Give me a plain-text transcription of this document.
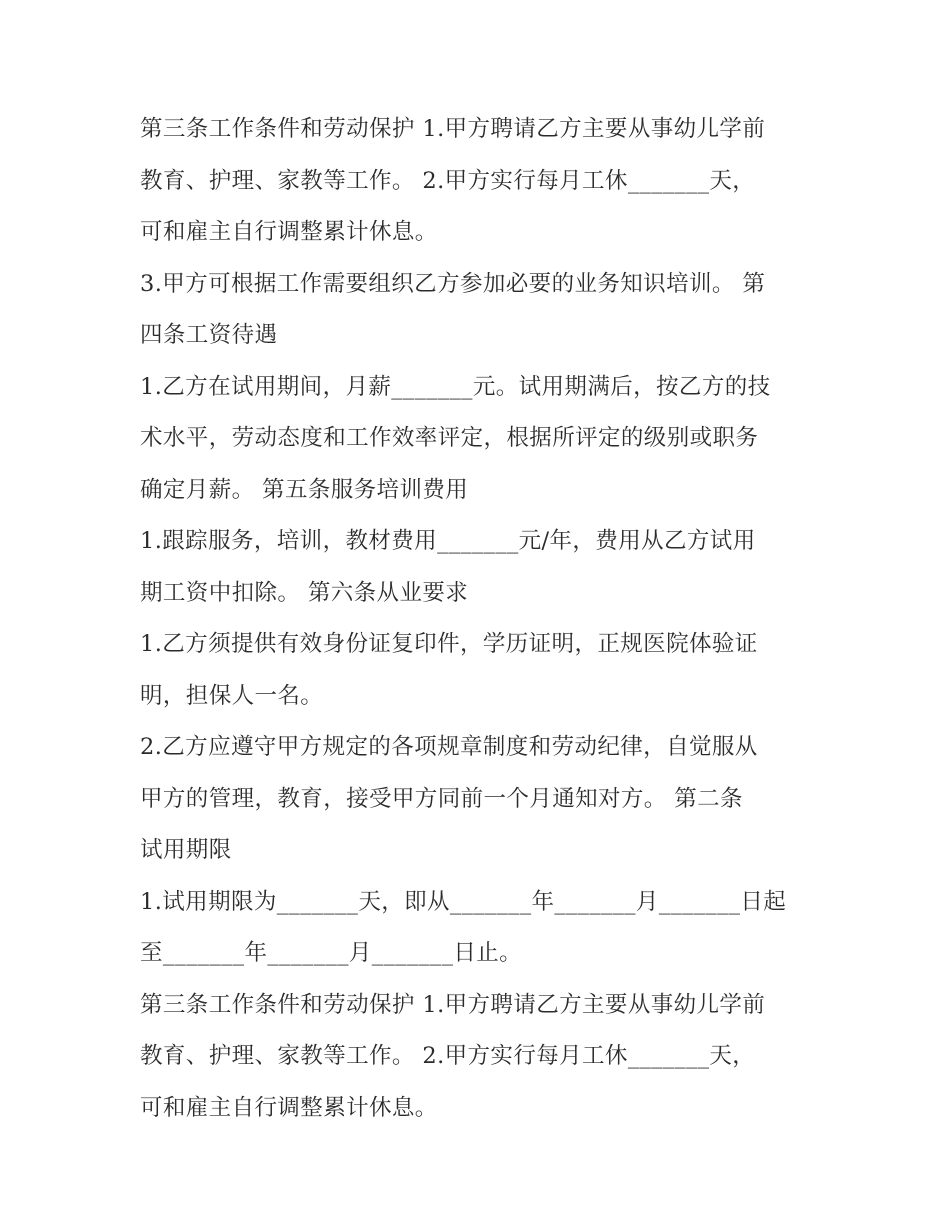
第三条工作条件和劳动保护 1.甲方聘请乙方主要从事幼儿学前
教育、护理、家教等工作。 2.甲方实行每月工休_______天，
可和雇主自行调整累计休息。
3.甲方可根据工作需要组织乙方参加必要的业务知识培训。 第
四条工资待遇
1.乙方在试用期间，月薪_______元。试用期满后，按乙方的技
术水平，劳动态度和工作效率评定，根据所评定的级别或职务
确定月薪。 第五条服务培训费用
1.跟踪服务，培训，教材费用_______元/年，费用从乙方试用
期工资中扣除。 第六条从业要求
1.乙方须提供有效身份证复印件，学历证明，正规医院体验证
明，担保人一名。
2.乙方应遵守甲方规定的各项规章制度和劳动纪律，自觉服从
甲方的管理，教育，接受甲方同前一个月通知对方。 第二条
试用期限
1.试用期限为_______天，即从_______年_______月_______日起
至_______年_______月_______日止。
第三条工作条件和劳动保护 1.甲方聘请乙方主要从事幼儿学前
教育、护理、家教等工作。 2.甲方实行每月工休_______天，
可和雇主自行调整累计休息。
